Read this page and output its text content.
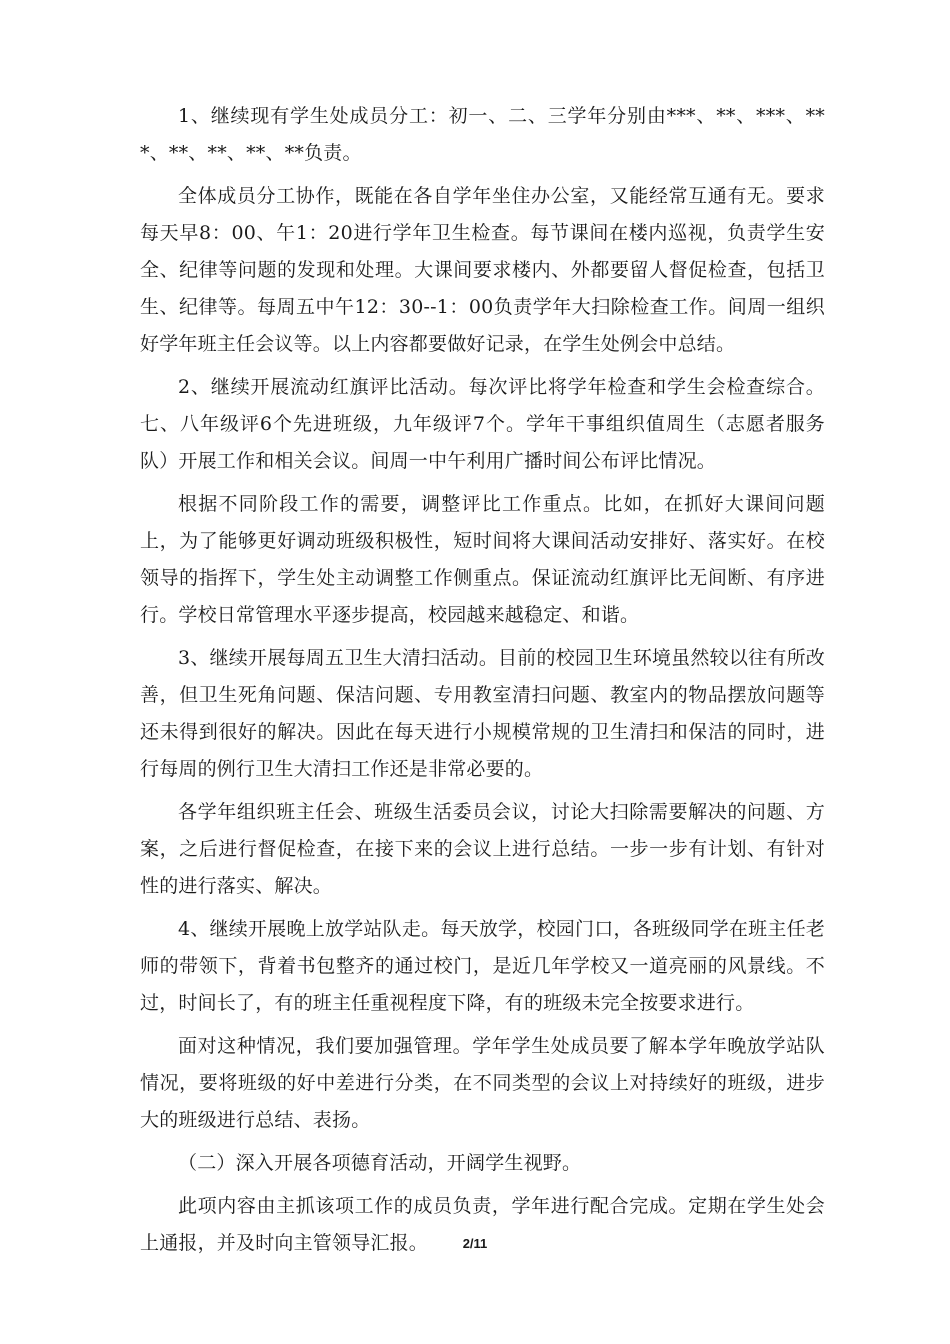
1、继续现有学生处成员分工：初一、二、三学年分别由***、**、***、***、**、**、**、**负责。

全体成员分工协作，既能在各自学年坐住办公室，又能经常互通有无。要求每天早8：00、午1：20进行学年卫生检查。每节课间在楼内巡视，负责学生安全、纪律等问题的发现和处理。大课间要求楼内、外都要留人督促检查，包括卫生、纪律等。每周五中午12：30--1：00负责学年大扫除检查工作。间周一组织好学年班主任会议等。以上内容都要做好记录，在学生处例会中总结。

2、继续开展流动红旗评比活动。每次评比将学年检查和学生会检查综合。七、八年级评6个先进班级，九年级评7个。学年干事组织值周生（志愿者服务队）开展工作和相关会议。间周一中午利用广播时间公布评比情况。

根据不同阶段工作的需要，调整评比工作重点。比如，在抓好大课间问题上，为了能够更好调动班级积极性，短时间将大课间活动安排好、落实好。在校领导的指挥下，学生处主动调整工作侧重点。保证流动红旗评比无间断、有序进行。学校日常管理水平逐步提高，校园越来越稳定、和谐。

3、继续开展每周五卫生大清扫活动。目前的校园卫生环境虽然较以往有所改善，但卫生死角问题、保洁问题、专用教室清扫问题、教室内的物品摆放问题等还未得到很好的解决。因此在每天进行小规模常规的卫生清扫和保洁的同时，进行每周的例行卫生大清扫工作还是非常必要的。

各学年组织班主任会、班级生活委员会议，讨论大扫除需要解决的问题、方案，之后进行督促检查，在接下来的会议上进行总结。一步一步有计划、有针对性的进行落实、解决。

4、继续开展晚上放学站队走。每天放学，校园门口，各班级同学在班主任老师的带领下，背着书包整齐的通过校门，是近几年学校又一道亮丽的风景线。不过，时间长了，有的班主任重视程度下降，有的班级未完全按要求进行。

面对这种情况，我们要加强管理。学年学生处成员要了解本学年晚放学站队情况，要将班级的好中差进行分类，在不同类型的会议上对持续好的班级，进步大的班级进行总结、表扬。

（二）深入开展各项德育活动，开阔学生视野。

此项内容由主抓该项工作的成员负责，学年进行配合完成。定期在学生处会上通报，并及时向主管领导汇报。	2/11
